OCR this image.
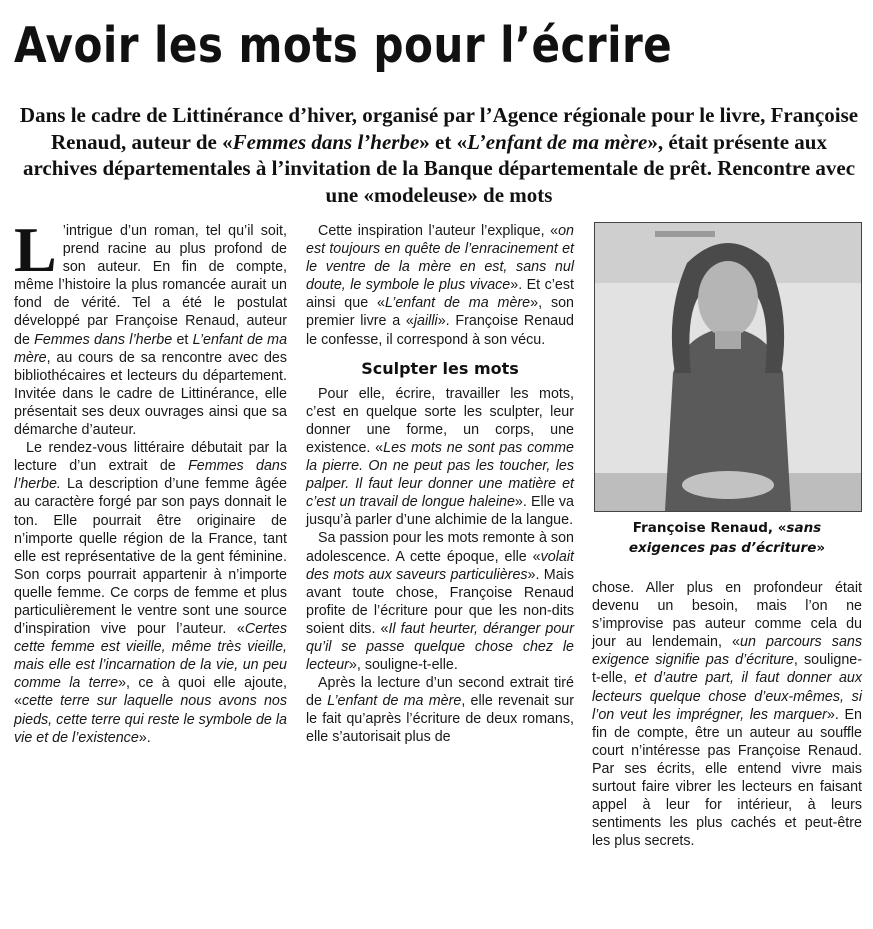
Avoir les mots pour l’écrire

Dans le cadre de Littinérance d’hiver, organisé par l’Agence régionale pour le livre, Françoise Renaud, auteur de «Femmes dans l’herbe» et «L’enfant de ma mère», était présente aux archives départementales à l’invitation de la Banque départementale de prêt. Rencontre avec une «modeleuse» de mots

L ’intrigue d’un roman, tel qu’il soit, prend racine au plus profond de son auteur. En fin de compte, même l’histoire la plus romancée aurait un fond de vérité. Tel a été le postulat développé par Françoise Renaud, auteur de Femmes dans l’herbe et L’enfant de ma mère, au cours de sa rencontre avec des bibliothécaires et lecteurs du département. Invitée dans le cadre de Littinérance, elle présentait ses deux ouvrages ainsi que sa démarche d’auteur.

Le rendez-vous littéraire débutait par la lecture d’un extrait de Femmes dans l’herbe. La description d’une femme âgée au caractère forgé par son pays donnait le ton. Elle pourrait être originaire de n’importe quelle région de la France, tant elle est représentative de la gent féminine. Son corps pourrait appartenir à n’importe quelle femme. Ce corps de femme et plus particulièrement le ventre sont une source d’inspiration vive pour l’auteur. «Certes cette femme est vieille, même très vieille, mais elle est l’incarnation de la vie, un peu comme la terre», ce à quoi elle ajoute, «cette terre sur laquelle nous avons nos pieds, cette terre qui reste le symbole de la vie et de l’existence».

Cette inspiration l’auteur l’explique, «on est toujours en quête de l’enracinement et le ventre de la mère en est, sans nul doute, le symbole le plus vivace». Et c’est ainsi que «L’enfant de ma mère», son premier livre a «jailli». Françoise Renaud le confesse, il correspond à son vécu.

Sculpter les mots

Pour elle, écrire, travailler les mots, c’est en quelque sorte les sculpter, leur donner une forme, un corps, une existence. «Les mots ne sont pas comme la pierre. On ne peut pas les toucher, les palper. Il faut leur donner une matière et c’est un travail de longue haleine». Elle va jusqu’à parler d’une alchimie de la langue.

Sa passion pour les mots remonte à son adolescence. A cette époque, elle «volait des mots aux saveurs particulières». Mais avant toute chose, Françoise Renaud profite de l’écriture pour que les non-dits soient dits. «Il faut heurter, déranger pour qu’il se passe quelque chose chez le lecteur», souligne-t-elle.

Après la lecture d’un second extrait tiré de L’enfant de ma mère, elle revenait sur le fait qu’après l’écriture de deux romans, elle s’autorisait plus de

Françoise Renaud, «sans exigences pas d’écriture»

chose. Aller plus en profondeur était devenu un besoin, mais l’on ne s’improvise pas auteur comme cela du jour au lendemain, «un parcours sans exigence signifie pas d’écriture, souligne-t-elle, et d’autre part, il faut donner aux lecteurs quelque chose d’eux-mêmes, si l’on veut les imprégner, les marquer». En fin de compte, être un auteur au souffle court n’intéresse pas Françoise Renaud. Par ses écrits, elle entend vivre mais surtout faire vibrer les lecteurs en faisant appel à leur for intérieur, à leurs sentiments les plus cachés et peut-être les plus secrets.
